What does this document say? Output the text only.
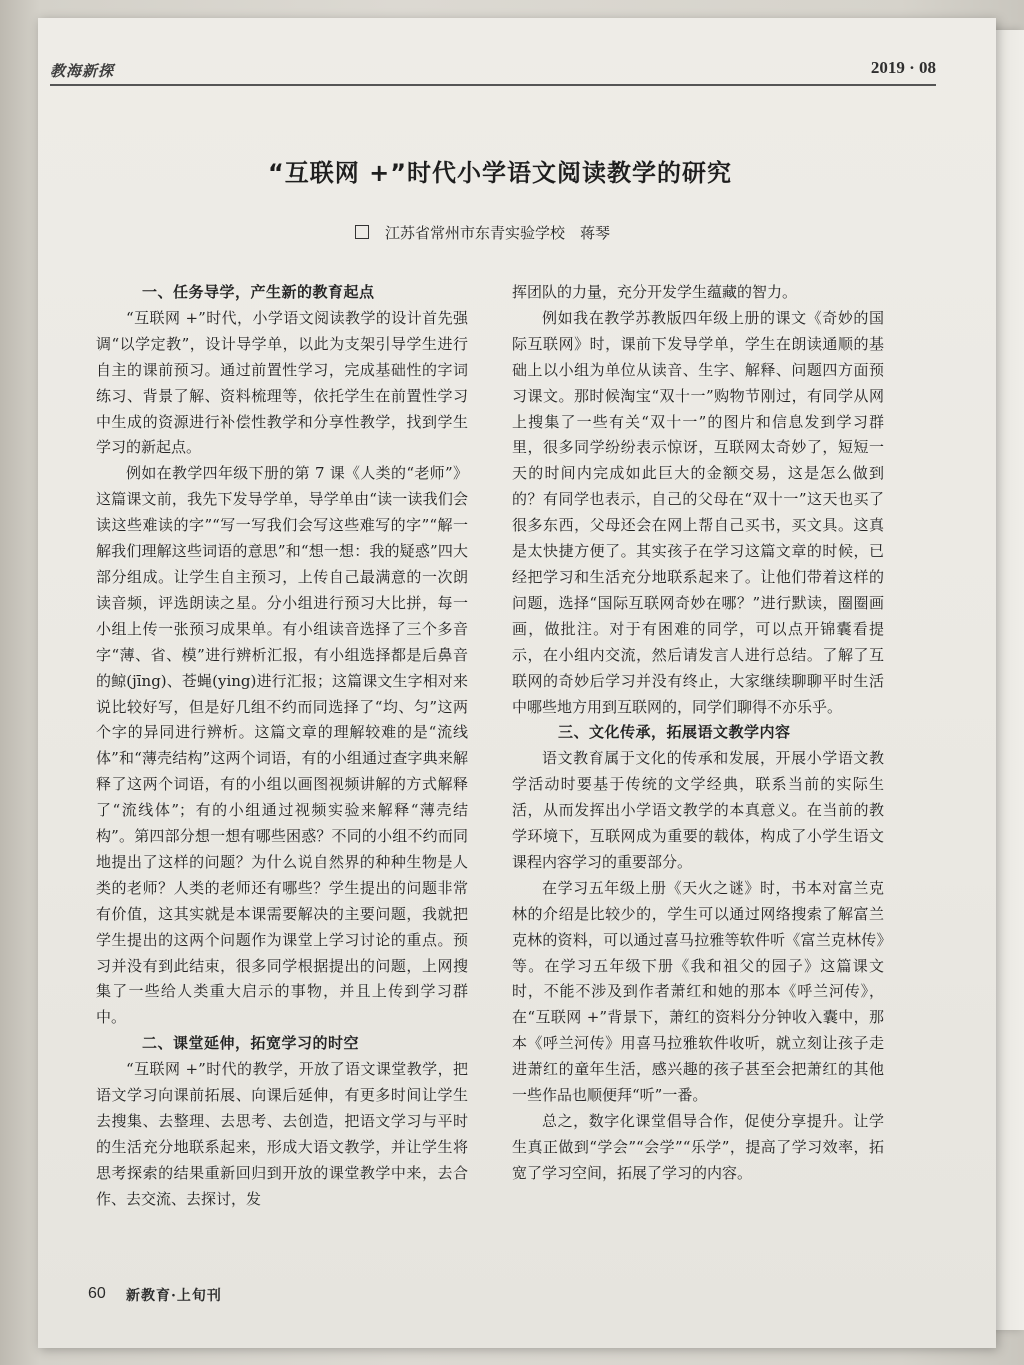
教海新探	2019 · 08
“互联网 +”时代小学语文阅读教学的研究
江苏省常州市东青实验学校　蒋琴

一、任务导学，产生新的教育起点

“互联网 +”时代，小学语文阅读教学的设计首先强调“以学定教”，设计导学单，以此为支架引导学生进行自主的课前预习。通过前置性学习，完成基础性的字词练习、背景了解、资料梳理等，依托学生在前置性学习中生成的资源进行补偿性教学和分享性教学，找到学生学习的新起点。

例如在教学四年级下册的第 7 课《人类的“老师”》这篇课文前，我先下发导学单，导学单由“读一读我们会读这些难读的字”“写一写我们会写这些难写的字”“解一解我们理解这些词语的意思”和“想一想：我的疑惑”四大部分组成。让学生自主预习，上传自己最满意的一次朗读音频，评选朗读之星。分小组进行预习大比拼，每一小组上传一张预习成果单。有小组读音选择了三个多音字“薄、省、模”进行辨析汇报，有小组选择都是后鼻音的鲸(jīng)、苍蝇(ying)进行汇报；这篇课文生字相对来说比较好写，但是好几组不约而同选择了“均、匀”这两个字的异同进行辨析。这篇文章的理解较难的是“流线体”和“薄壳结构”这两个词语，有的小组通过查字典来解释了这两个词语，有的小组以画图视频讲解的方式解释了“流线体”；有的小组通过视频实验来解释“薄壳结构”。第四部分想一想有哪些困惑？不同的小组不约而同地提出了这样的问题？为什么说自然界的种种生物是人类的老师？人类的老师还有哪些？学生提出的问题非常有价值，这其实就是本课需要解决的主要问题，我就把学生提出的这两个问题作为课堂上学习讨论的重点。预习并没有到此结束，很多同学根据提出的问题，上网搜集了一些给人类重大启示的事物，并且上传到学习群中。

二、课堂延伸，拓宽学习的时空

“互联网 +”时代的教学，开放了语文课堂教学，把语文学习向课前拓展、向课后延伸，有更多时间让学生去搜集、去整理、去思考、去创造，把语文学习与平时的生活充分地联系起来，形成大语文教学，并让学生将思考探索的结果重新回归到开放的课堂教学中来，去合作、去交流、去探讨，发

挥团队的力量，充分开发学生蕴藏的智力。

例如我在教学苏教版四年级上册的课文《奇妙的国际互联网》时，课前下发导学单，学生在朗读通顺的基础上以小组为单位从读音、生字、解释、问题四方面预习课文。那时候淘宝“双十一”购物节刚过，有同学从网上搜集了一些有关“双十一”的图片和信息发到学习群里，很多同学纷纷表示惊讶，互联网太奇妙了，短短一天的时间内完成如此巨大的金额交易，这是怎么做到的？有同学也表示，自己的父母在“双十一”这天也买了很多东西，父母还会在网上帮自己买书，买文具。这真是太快捷方便了。其实孩子在学习这篇文章的时候，已经把学习和生活充分地联系起来了。让他们带着这样的问题，选择“国际互联网奇妙在哪？”进行默读，圈圈画画，做批注。对于有困难的同学，可以点开锦囊看提示，在小组内交流，然后请发言人进行总结。了解了互联网的奇妙后学习并没有终止，大家继续聊聊平时生活中哪些地方用到互联网的，同学们聊得不亦乐乎。

三、文化传承，拓展语文教学内容

语文教育属于文化的传承和发展，开展小学语文教学活动时要基于传统的文学经典，联系当前的实际生活，从而发挥出小学语文教学的本真意义。在当前的教学环境下，互联网成为重要的载体，构成了小学生语文课程内容学习的重要部分。

在学习五年级上册《天火之谜》时，书本对富兰克林的介绍是比较少的，学生可以通过网络搜索了解富兰克林的资料，可以通过喜马拉雅等软件听《富兰克林传》等。在学习五年级下册《我和祖父的园子》这篇课文时，不能不涉及到作者萧红和她的那本《呼兰河传》，在“互联网 +”背景下，萧红的资料分分钟收入囊中，那本《呼兰河传》用喜马拉雅软件收听，就立刻让孩子走进萧红的童年生活，感兴趣的孩子甚至会把萧红的其他一些作品也顺便拜“听”一番。

总之，数字化课堂倡导合作，促使分享提升。让学生真正做到“学会”“会学”“乐学”，提高了学习效率，拓宽了学习空间，拓展了学习的内容。

60 新教育·上旬刊
